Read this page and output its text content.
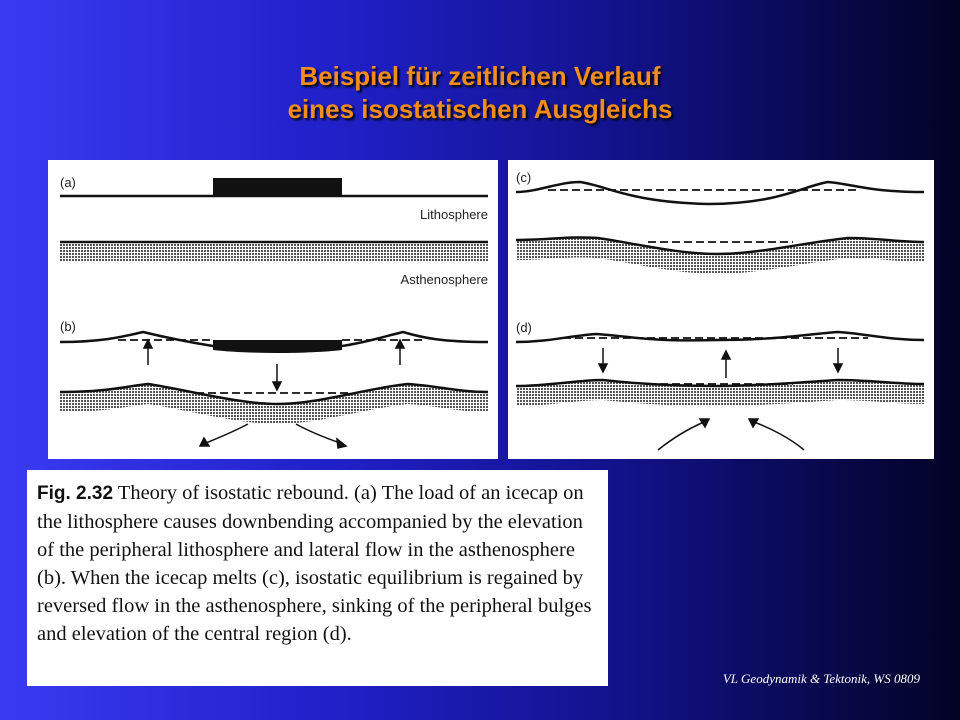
Beispiel für zeitlichen Verlauf
eines isostatischen Ausgleichs
(a)
Lithosphere
Asthenosphere
(b)
(c)
(d)
Fig. 2.32 Theory of isostatic rebound. (a) The load of an icecap on the lithosphere causes downbending accompanied by the elevation of the peripheral lithosphere and lateral flow in the asthenosphere (b). When the icecap melts (c), isostatic equilibrium is regained by reversed flow in the asthenosphere, sinking of the peripheral bulges and elevation of the central region (d).
VL Geodynamik & Tektonik, WS 0809
